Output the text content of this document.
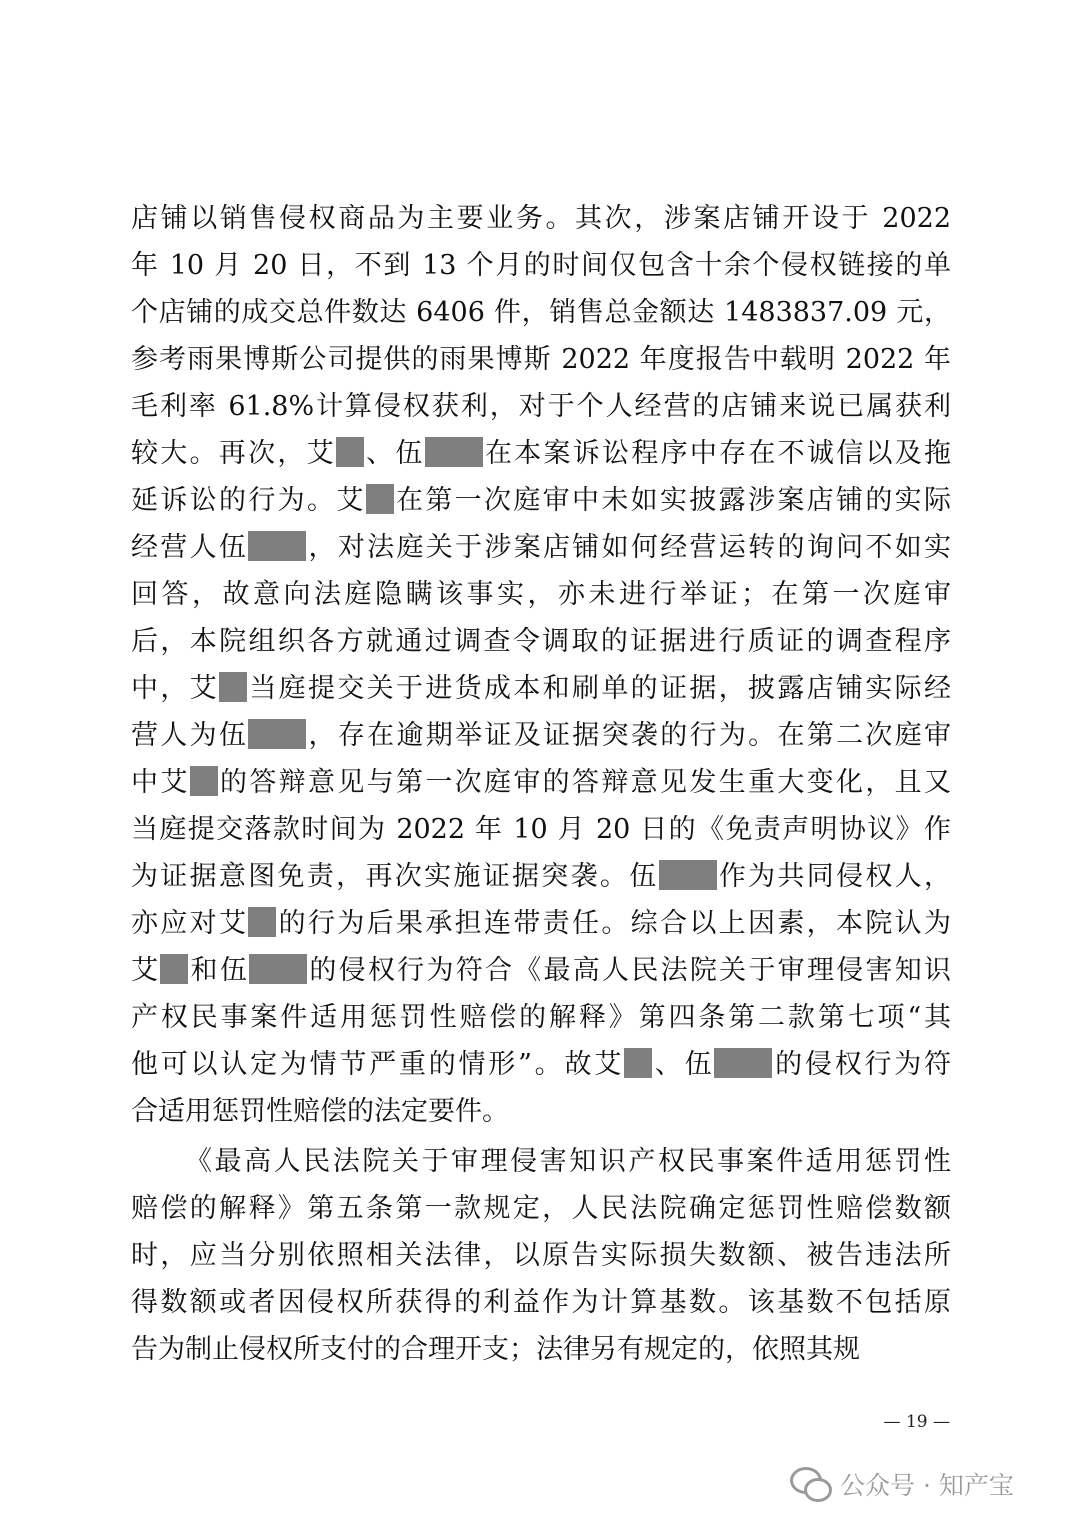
店铺以销售侵权商品为主要业务。其次，涉案店铺开设于 2022
年 10 月 20 日，不到 13 个月的时间仅包含十余个侵权链接的单
个店铺的成交总件数达 6406 件，销售总金额达 1483837.09 元，
参考雨果博斯公司提供的雨果博斯 2022 年度报告中载明 2022 年
毛利率 61.8%计算侵权获利，对于个人经营的店铺来说已属获利
较大。再次，艾 、伍 在本案诉讼程序中存在不诚信以及拖
延诉讼的行为。艾 在第一次庭审中未如实披露涉案店铺的实际
经营人伍 ，对法庭关于涉案店铺如何经营运转的询问不如实
回答，故意向法庭隐瞒该事实，亦未进行举证；在第一次庭审
后，本院组织各方就通过调查令调取的证据进行质证的调查程序
中，艾 当庭提交关于进货成本和刷单的证据，披露店铺实际经
营人为伍 ，存在逾期举证及证据突袭的行为。在第二次庭审
中艾 的答辩意见与第一次庭审的答辩意见发生重大变化，且又
当庭提交落款时间为 2022 年 10 月 20 日的《免责声明协议》作
为证据意图免责，再次实施证据突袭。伍 作为共同侵权人，
亦应对艾 的行为后果承担连带责任。综合以上因素，本院认为
艾 和伍 的侵权行为符合《最高人民法院关于审理侵害知识
产权民事案件适用惩罚性赔偿的解释》第四条第二款第七项“其
他可以认定为情节严重的情形”。故艾 、伍 的侵权行为符
合适用惩罚性赔偿的法定要件。
《最高人民法院关于审理侵害知识产权民事案件适用惩罚性
赔偿的解释》第五条第一款规定，人民法院确定惩罚性赔偿数额
时，应当分别依照相关法律，以原告实际损失数额、被告违法所
得数额或者因侵权所获得的利益作为计算基数。该基数不包括原
告为制止侵权所支付的合理开支；法律另有规定的，依照其规
— 19 —
公众号 · 知产宝
